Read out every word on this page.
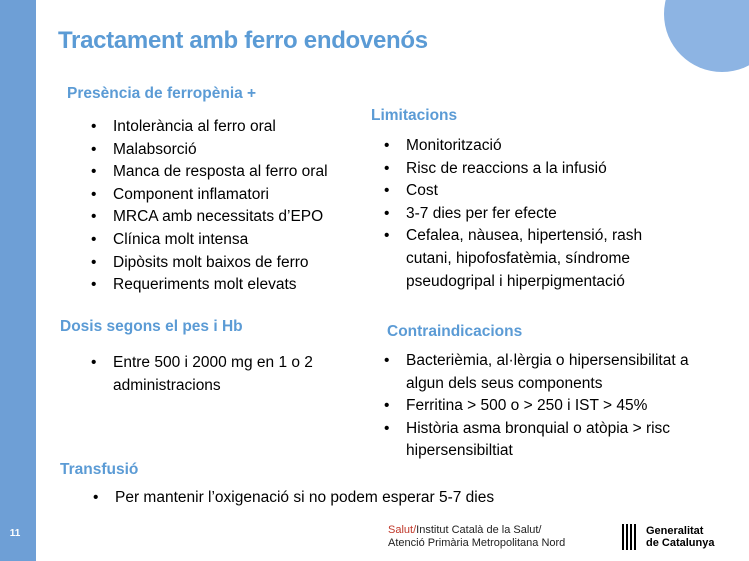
11
Tractament amb ferro endovenós
Presència de ferropènia +
• Intolerància al ferro oral
• Malabsorció
• Manca de resposta al ferro oral
• Component inflamatori
• MRCA amb necessitats d’EPO
• Clínica molt intensa
• Dipòsits molt baixos de ferro
• Requeriments molt elevats
Dosis segons el pes i Hb
• Entre 500 i 2000 mg en 1 o 2 administracions
Limitacions
• Monitorització
• Risc de reaccions a la infusió
• Cost
• 3-7 dies per fer efecte
• Cefalea, nàusea, hipertensió, rash cutani, hipofosfatèmia, síndrome pseudogripal i hiperpigmentació
Contraindicacions
• Bacterièmia, al·lèrgia o hipersensibilitat a algun dels seus components
• Ferritina > 500 o > 250 i IST > 45%
• Història asma bronquial o atòpia > risc hipersensibiltiat
Transfusió
• Per mantenir l’oxigenació si no podem esperar 5-7 dies
Salut/Institut Català de la Salut/
Atenció Primària Metropolitana Nord
Generalitat
de Catalunya
